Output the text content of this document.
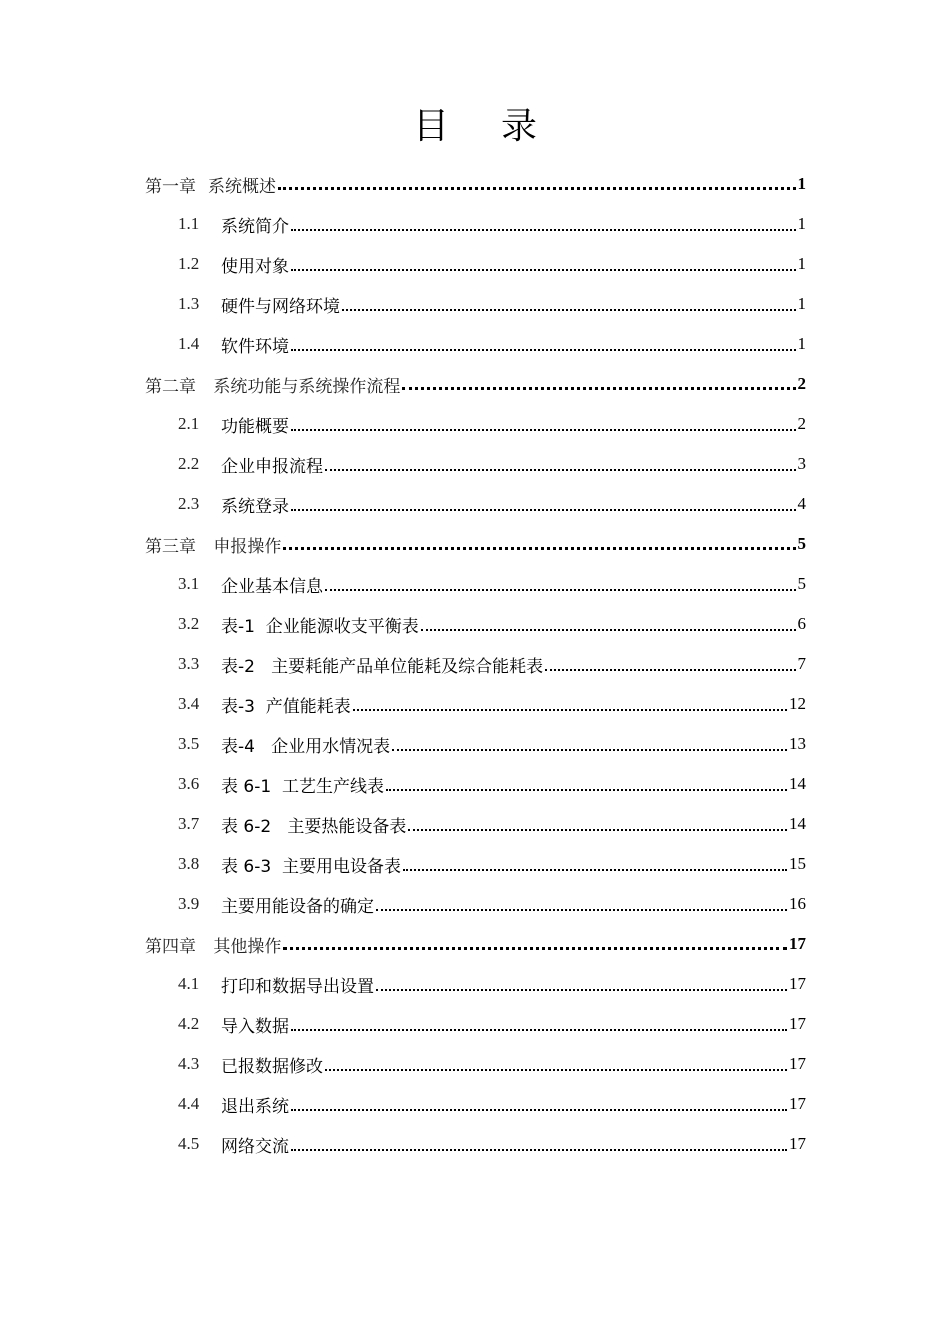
目录
第一章 系统概述	1
1.1	系统简介	1
1.2	使用对象	1
1.3	硬件与网络环境	1
1.4	软件环境	1
第二章 系统功能与系统操作流程	2
2.1	功能概要	2
2.2	企业申报流程	3
2.3	系统登录	4
第三章 申报操作	5
3.1	企业基本信息	5
3.2	表-1  企业能源收支平衡表	6
3.3	表-2   主要耗能产品单位能耗及综合能耗表	7
3.4	表-3  产值能耗表	12
3.5	表-4   企业用水情况表	13
3.6	表 6-1  工艺生产线表	14
3.7	表 6-2   主要热能设备表	14
3.8	表 6-3  主要用电设备表	15
3.9	主要用能设备的确定	16
第四章 其他操作	17
4.1	打印和数据导出设置	17
4.2	导入数据	17
4.3	已报数据修改	17
4.4	退出系统	17
4.5	网络交流	17
